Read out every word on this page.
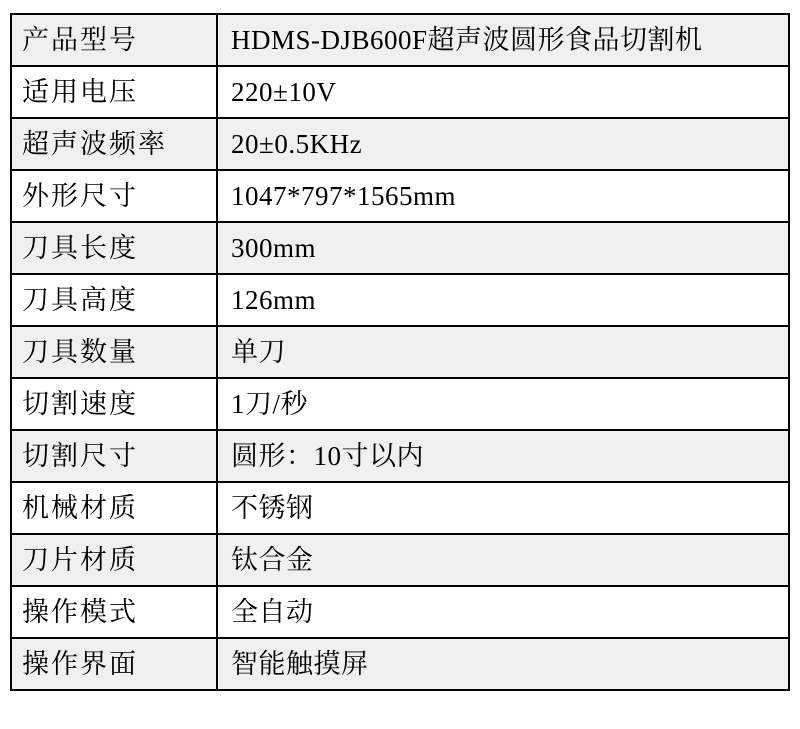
产品型号	HDMS-DJB600F超声波圆形食品切割机
适用电压	220±10V
超声波频率	20±0.5KHz
外形尺寸	1047*797*1565mm
刀具长度	300mm
刀具高度	126mm
刀具数量	单刀
切割速度	1刀/秒
切割尺寸	圆形：10寸以内
机械材质	不锈钢
刀片材质	钛合金
操作模式	全自动
操作界面	智能触摸屏
